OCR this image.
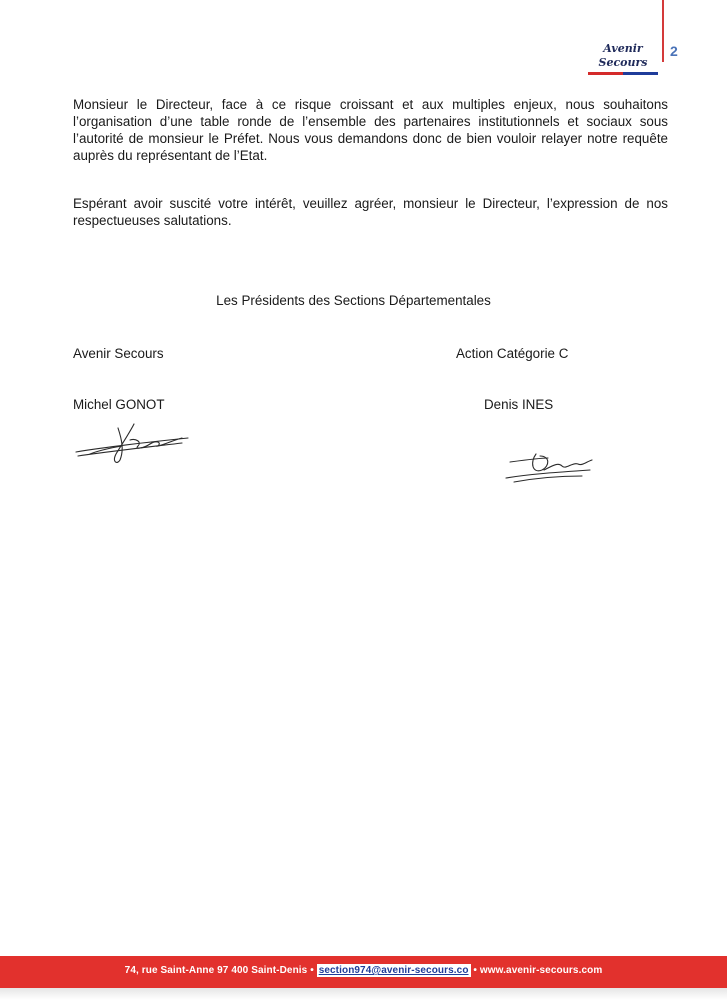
Avenir Secours
2

Monsieur le Directeur, face à ce risque croissant et aux multiples enjeux, nous souhaitons l’organisation d’une table ronde de l’ensemble des partenaires institutionnels et sociaux sous l’autorité de monsieur le Préfet. Nous vous demandons donc de bien vouloir relayer notre requête auprès du représentant de l’Etat.

Espérant avoir suscité votre intérêt, veuillez agréer, monsieur le Directeur, l’expression de nos respectueuses salutations.

Les Présidents des Sections Départementales
Avenir Secours	Action Catégorie C
Michel GONOT	Denis INES
74, rue Saint-Anne 97 400 Saint-Denis • section974@avenir-secours.co • www.avenir-secours.com
